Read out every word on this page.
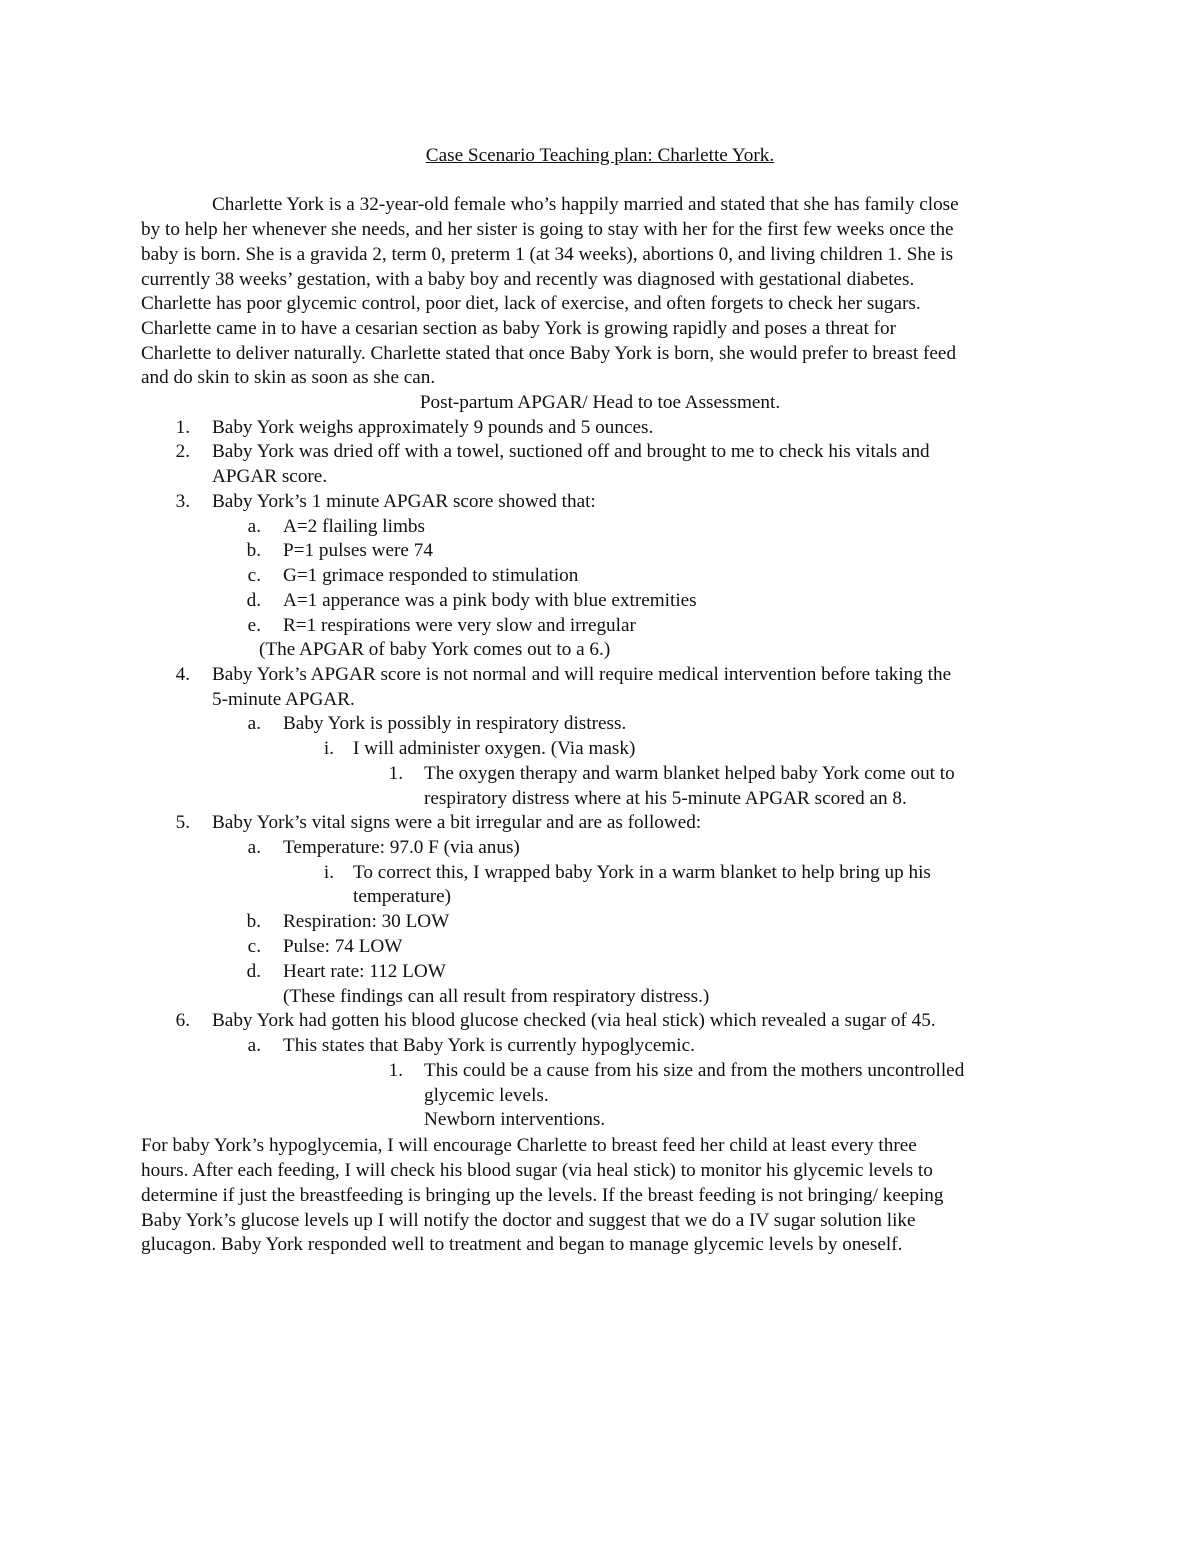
Case Scenario Teaching plan: Charlette York.
Charlette York is a 32-year-old female who’s happily married and stated that she has family close
by to help her whenever she needs, and her sister is going to stay with her for the first few weeks once the
baby is born. She is a gravida 2, term 0, preterm 1 (at 34 weeks), abortions 0, and living children 1. She is
currently 38 weeks’ gestation, with a baby boy and recently was diagnosed with gestational diabetes.
Charlette has poor glycemic control, poor diet, lack of exercise, and often forgets to check her sugars.
Charlette came in to have a cesarian section as baby York is growing rapidly and poses a threat for
Charlette to deliver naturally. Charlette stated that once Baby York is born, she would prefer to breast feed
and do skin to skin as soon as she can.
Post-partum APGAR/ Head to toe Assessment.
1. Baby York weighs approximately 9 pounds and 5 ounces.
2. Baby York was dried off with a towel, suctioned off and brought to me to check his vitals and
APGAR score.
3. Baby York’s 1 minute APGAR score showed that:
a. A=2 flailing limbs
b. P=1 pulses were 74
c. G=1 grimace responded to stimulation
d. A=1 apperance was a pink body with blue extremities
e. R=1 respirations were very slow and irregular
(The APGAR of baby York comes out to a 6.)
4. Baby York’s APGAR score is not normal and will require medical intervention before taking the
5-minute APGAR.
a. Baby York is possibly in respiratory distress.
i. I will administer oxygen. (Via mask)
1. The oxygen therapy and warm blanket helped baby York come out to
respiratory distress where at his 5-minute APGAR scored an 8.
5. Baby York’s vital signs were a bit irregular and are as followed:
a. Temperature: 97.0 F (via anus)
i. To correct this, I wrapped baby York in a warm blanket to help bring up his
temperature)
b. Respiration: 30 LOW
c. Pulse: 74 LOW
d. Heart rate: 112 LOW
(These findings can all result from respiratory distress.)
6. Baby York had gotten his blood glucose checked (via heal stick) which revealed a sugar of 45.
a. This states that Baby York is currently hypoglycemic.
1. This could be a cause from his size and from the mothers uncontrolled
glycemic levels.
Newborn interventions.
For baby York’s hypoglycemia, I will encourage Charlette to breast feed her child at least every three
hours. After each feeding, I will check his blood sugar (via heal stick) to monitor his glycemic levels to
determine if just the breastfeeding is bringing up the levels. If the breast feeding is not bringing/ keeping
Baby York’s glucose levels up I will notify the doctor and suggest that we do a IV sugar solution like
glucagon. Baby York responded well to treatment and began to manage glycemic levels by oneself.
